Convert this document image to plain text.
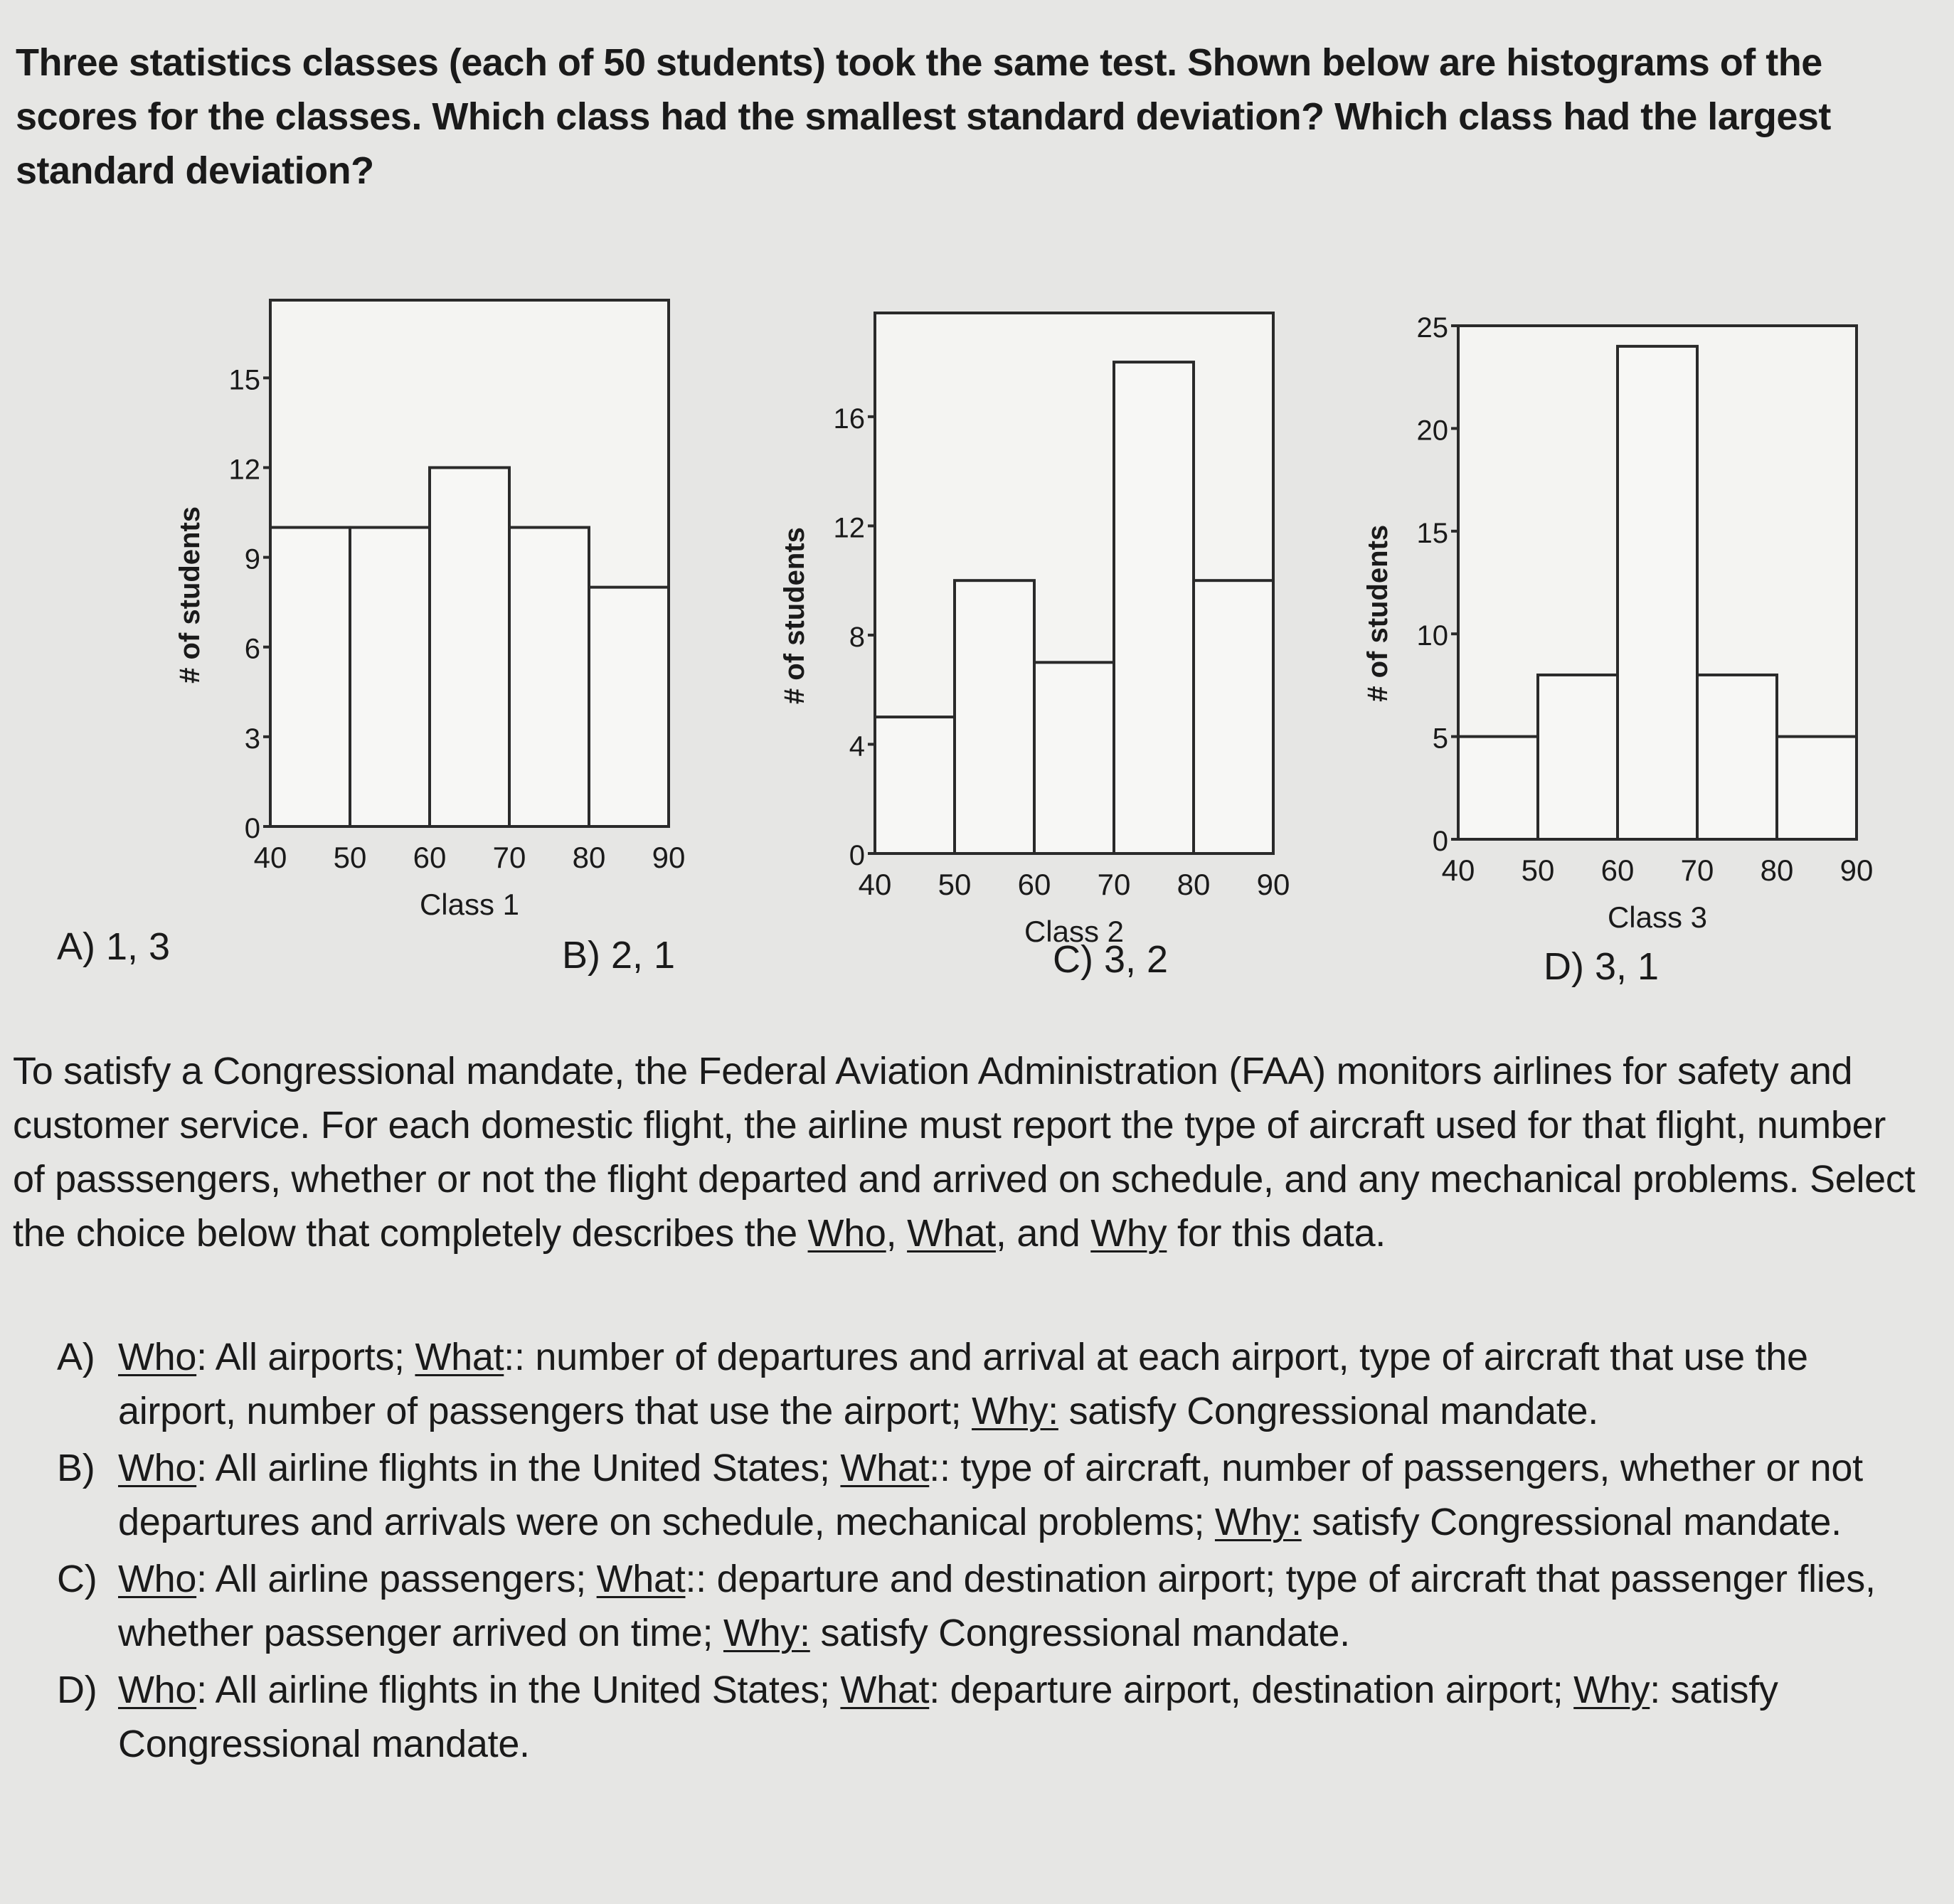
Three statistics classes (each of 50 students) took the same test. Shown below are histograms of the scores for the classes. Which class had the smallest standard deviation? Which class had the largest standard deviation?
0
3
6
9
12
15
40 50 60 70 80 90
Class 1
# of students
0
4
8
12
16
40 50 60 70 80 90
Class 2
# of students
0
5
10
15
20
25
40 50 60 70 80 90
Class 3
# of students
A) 1, 3	B) 2, 1	C) 3, 2	D) 3, 1
To satisfy a Congressional mandate, the Federal Aviation Administration (FAA) monitors airlines for safety and customer service. For each domestic flight, the airline must report the type of aircraft used for that flight, number of passsengers, whether or not the flight departed and arrived on schedule, and any mechanical problems. Select the choice below that completely describes the Who, What, and Why for this data.
A) Who: All airports; What:: number of departures and arrival at each airport, type of aircraft that use the airport, number of passengers that use the airport; Why: satisfy Congressional mandate.
B) Who: All airline flights in the United States; What:: type of aircraft, number of passengers, whether or not departures and arrivals were on schedule, mechanical problems; Why: satisfy Congressional mandate.
C) Who: All airline passengers; What:: departure and destination airport; type of aircraft that passenger flies, whether passenger arrived on time; Why: satisfy Congressional mandate.
D) Who: All airline flights in the United States; What: departure airport, destination airport; Why: satisfy Congressional mandate.
